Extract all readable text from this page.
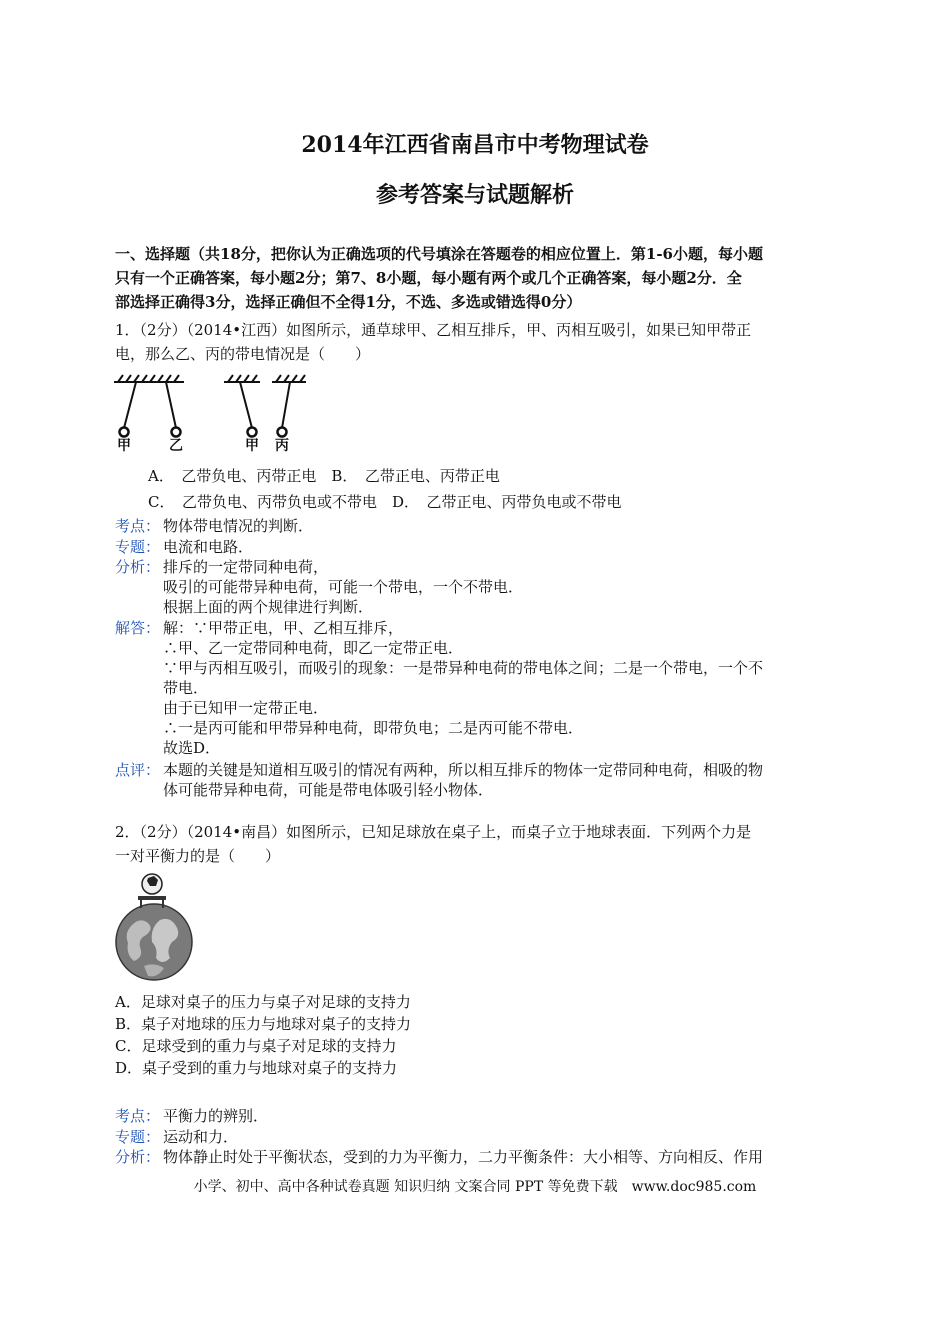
2014年江西省南昌市中考物理试卷
参考答案与试题解析
一、选择题（共18分，把你认为正确选项的代号填涂在答题卷的相应位置上．第1-6小题，每小题
只有一个正确答案，每小题2分；第7、8小题，每小题有两个或几个正确答案，每小题2分．全
部选择正确得3分，选择正确但不全得1分，不选、多选或错选得0分）
1．（2分）（2014•江西）如图所示，通草球甲、乙相互排斥，甲、丙相互吸引，如果已知甲带正
电，那么乙、丙的带电情况是（　　）
甲	乙	甲 丙
A．　乙带负电、丙带正电　B．　乙带正电、丙带正电
C．　乙带负电、丙带负电或不带电　D．　乙带正电、丙带负电或不带电
考点： 物体带电情况的判断．
专题： 电流和电路．
分析： 排斥的一定带同种电荷，
吸引的可能带异种电荷，可能一个带电，一个不带电．
根据上面的两个规律进行判断．
解答： 解：∵甲带正电，甲、乙相互排斥，
∴甲、乙一定带同种电荷，即乙一定带正电．
∵甲与丙相互吸引，而吸引的现象：一是带异种电荷的带电体之间；二是一个带电，一个不
带电．
由于已知甲一定带正电．
∴一是丙可能和甲带异种电荷，即带负电；二是丙可能不带电．
故选D．
点评： 本题的关键是知道相互吸引的情况有两种，所以相互排斥的物体一定带同种电荷，相吸的物
体可能带异种电荷，可能是带电体吸引轻小物体．
2．（2分）（2014•南昌）如图所示，已知足球放在桌子上，而桌子立于地球表面．下列两个力是
一对平衡力的是（　　）
A．足球对桌子的压力与桌子对足球的支持力
B．桌子对地球的压力与地球对桌子的支持力
C．足球受到的重力与桌子对足球的支持力
D．桌子受到的重力与地球对桌子的支持力
考点： 平衡力的辨别．
专题： 运动和力．
分析： 物体静止时处于平衡状态，受到的力为平衡力，二力平衡条件：大小相等、方向相反、作用
小学、初中、高中各种试卷真题 知识归纳 文案合同 PPT 等免费下载　www.doc985.com
